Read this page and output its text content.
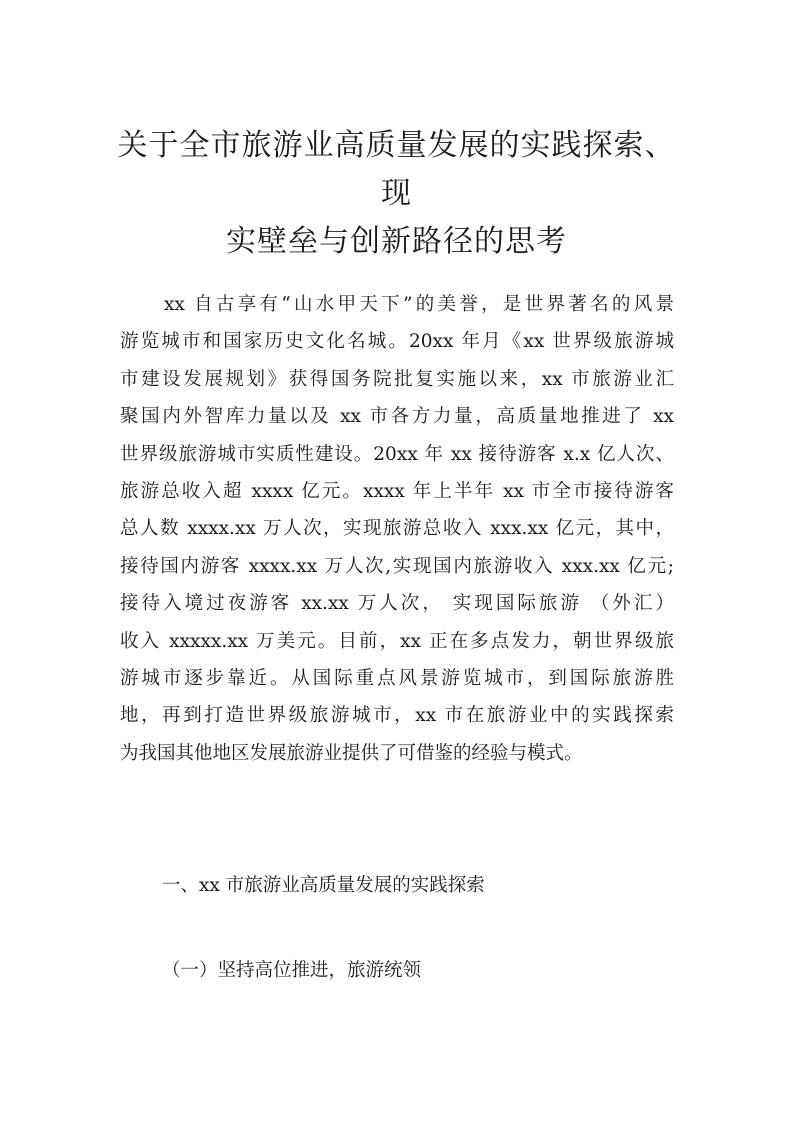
关于全市旅游业高质量发展的实践探索、现
实壁垒与创新路径的思考

xx 自古享有“山水甲天下”的美誉，是世界著名的风景
游览城市和国家历史文化名城。20xx 年月《xx 世界级旅游城
市建设发展规划》获得国务院批复实施以来，xx 市旅游业汇
聚国内外智库力量以及 xx 市各方力量，高质量地推进了 xx
世界级旅游城市实质性建设。20xx 年 xx 接待游客 x.x 亿人次、
旅游总收入超 xxxx 亿元。xxxx 年上半年 xx 市全市接待游客
总人数 xxxx.xx 万人次，实现旅游总收入 xxx.xx 亿元，其中，
接待国内游客 xxxx.xx 万人次,实现国内旅游收入 xxx.xx 亿元;
接待入境过夜游客 xx.xx 万人次， 实现国际旅游 （外汇）
收入 xxxxx.xx 万美元。目前，xx 正在多点发力，朝世界级旅
游城市逐步靠近。从国际重点风景游览城市，到国际旅游胜
地，再到打造世界级旅游城市，xx 市在旅游业中的实践探索
为我国其他地区发展旅游业提供了可借鉴的经验与模式。

一、xx 市旅游业高质量发展的实践探索
（一）坚持高位推进，旅游统领
